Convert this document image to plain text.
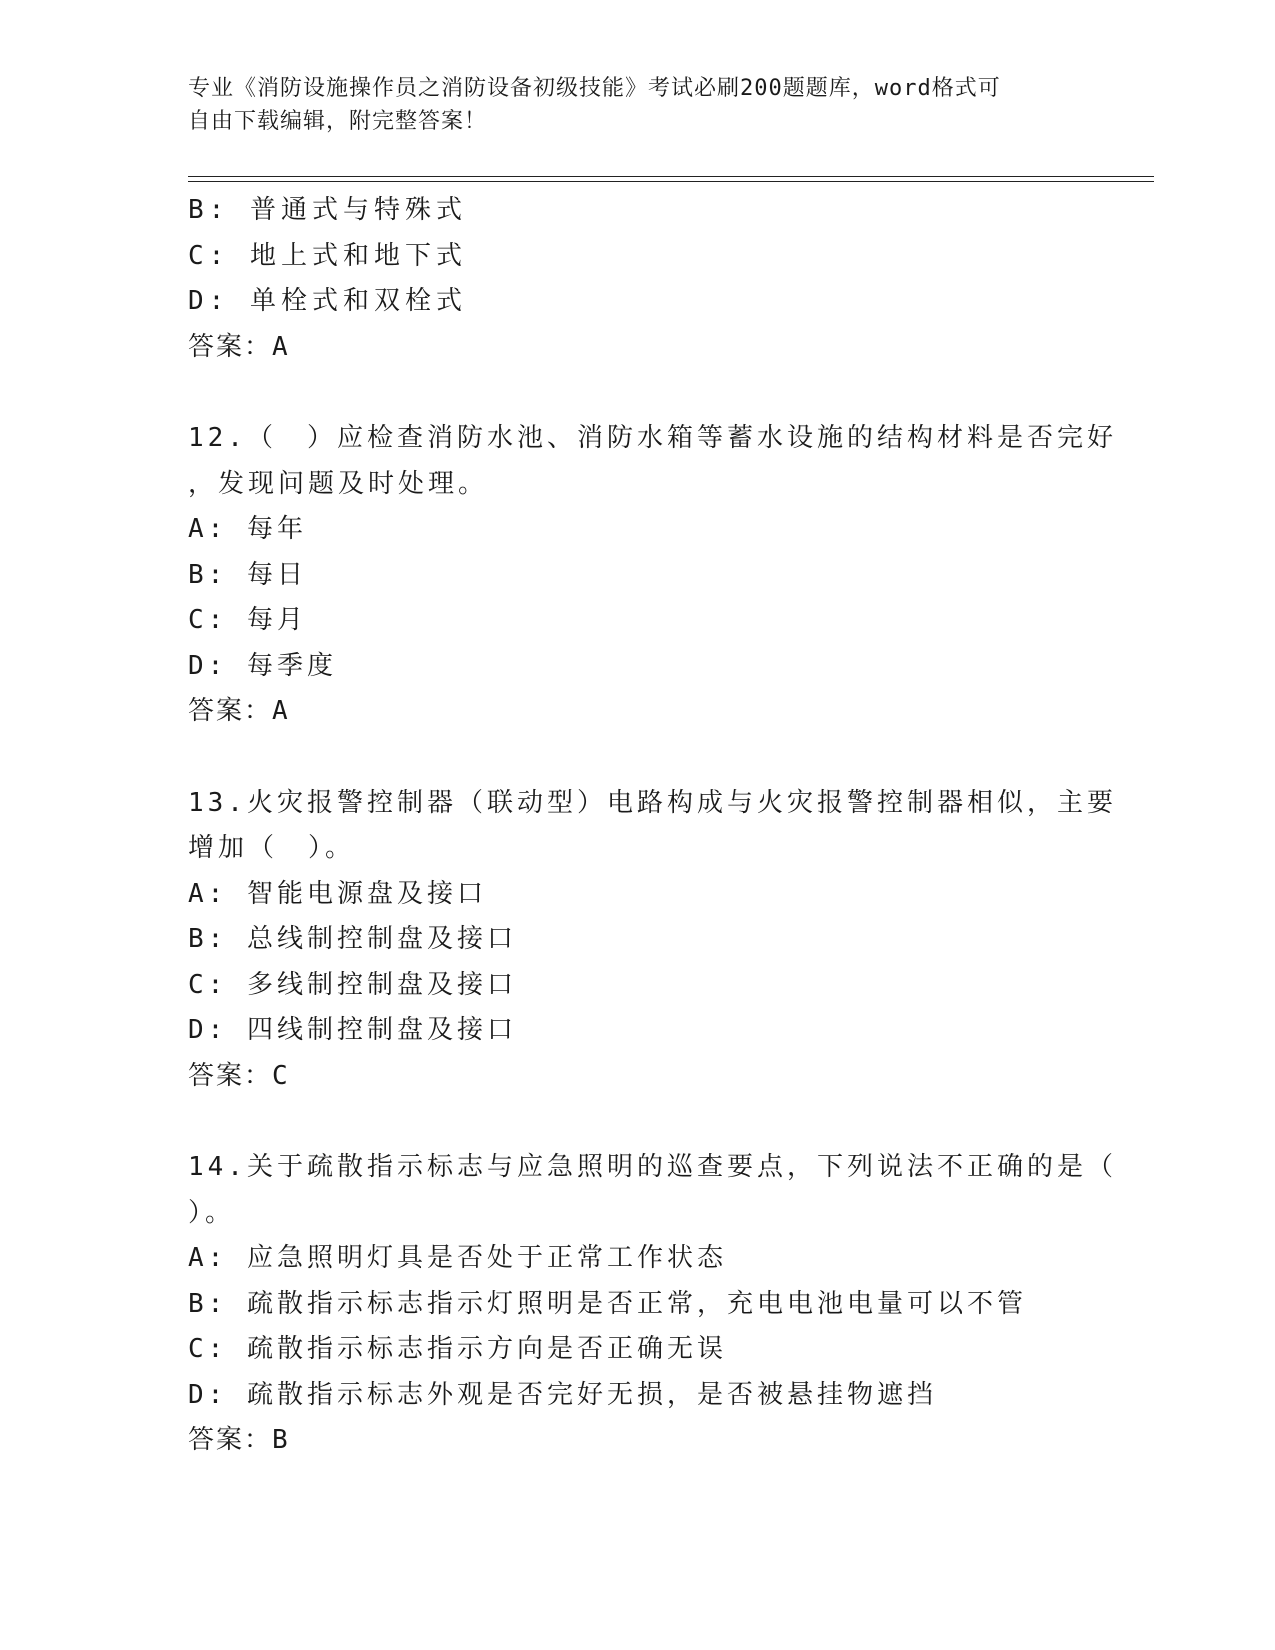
专业《消防设施操作员之消防设备初级技能》考试必刷200题题库，word格式可
自由下载编辑，附完整答案！
B: 普通式与特殊式
C: 地上式和地下式
D: 单栓式和双栓式
答案：A
12.（　）应检查消防水池、消防水箱等蓄水设施的结构材料是否完好
，发现问题及时处理。
A: 每年
B: 每日
C: 每月
D: 每季度
答案：A
13.火灾报警控制器（联动型）电路构成与火灾报警控制器相似，主要
增加（　）。
A: 智能电源盘及接口
B: 总线制控制盘及接口
C: 多线制控制盘及接口
D: 四线制控制盘及接口
答案：C
14.关于疏散指示标志与应急照明的巡查要点，下列说法不正确的是（
）。
A: 应急照明灯具是否处于正常工作状态
B: 疏散指示标志指示灯照明是否正常，充电电池电量可以不管
C: 疏散指示标志指示方向是否正确无误
D: 疏散指示标志外观是否完好无损，是否被悬挂物遮挡
答案：B
